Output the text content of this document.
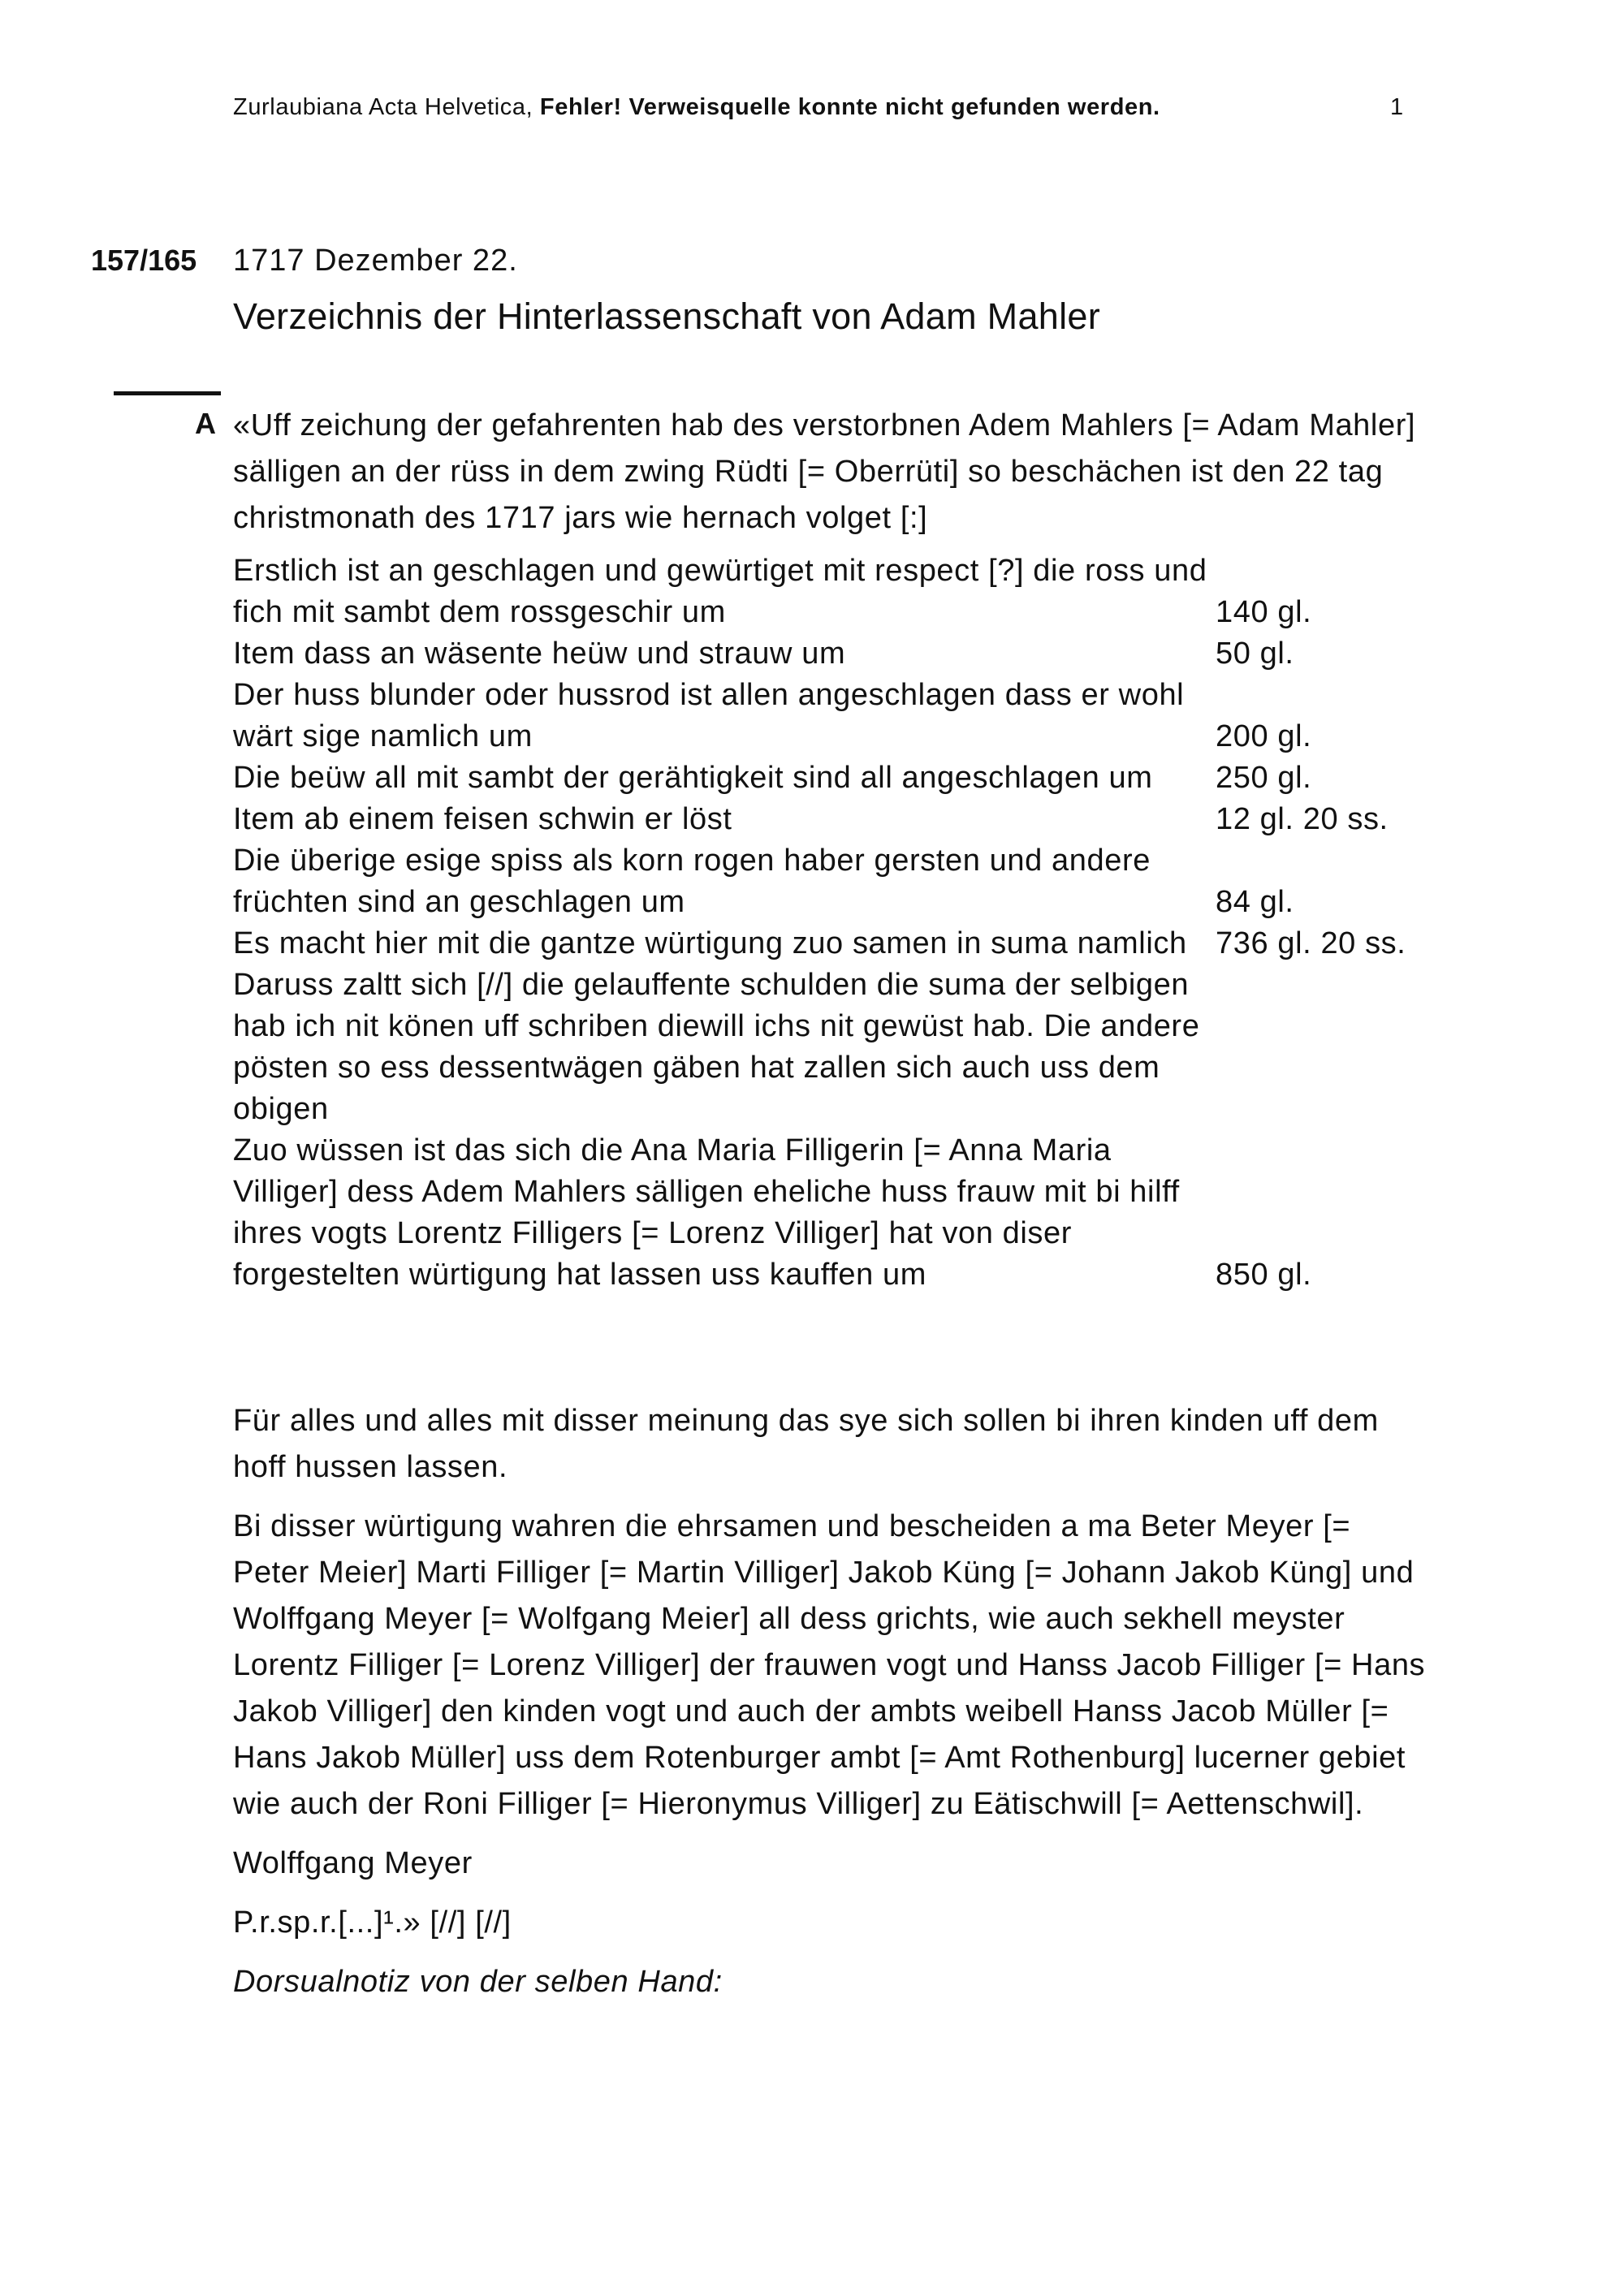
Zurlaubiana Acta Helvetica, Fehler! Verweisquelle konnte nicht gefunden werden.	1
157/165 1717 Dezember 22.
Verzeichnis der Hinterlassenschaft von Adam Mahler
A «Uff zeichung der gefahrenten hab des verstorbnen Adem Mahlers [= Adam Mahler] sälligen an der rüss in dem zwing Rüdti [= Oberrüti] so beschächen ist den 22 tag christmonath des 1717 jars wie hernach volget [:]
Erstlich ist an geschlagen und gewürtiget mit respect [?] die ross und fich mit sambt dem rossgeschir um	140 gl.
Item dass an wäsente heüw und strauw um	50 gl.
Der huss blunder oder hussrod ist allen angeschlagen dass er wohl wärt sige namlich um	200 gl.
Die beüw all mit sambt der gerähtigkeit sind all angeschlagen um	250 gl.
Item ab einem feisen schwin er löst	12 gl. 20 ss.
Die überige esige spiss als korn rogen haber gersten und andere früchten sind an geschlagen um	84 gl.
Es macht hier mit die gantze würtigung zuo samen in suma namlich 736 gl. 20 ss.
Daruss zaltt sich [//] die gelauffente schulden die suma der selbigen hab ich nit könen uff schriben diewill ichs nit gewüst hab. Die andere pösten so ess dessentwägen gäben hat zallen sich auch uss dem obigen
Zuo wüssen ist das sich die Ana Maria Filligerin [= Anna Maria Villiger] dess Adem Mahlers sälligen eheliche huss frauw mit bi hilff ihres vogts Lorentz Filligers [= Lorenz Villiger] hat von diser forgestelten würtigung hat lassen uss kauffen um	850 gl.

Für alles und alles mit disser meinung das sye sich sollen bi ihren kinden uff dem hoff hussen lassen.

Bi disser würtigung wahren die ehrsamen und bescheiden a ma Beter Meyer [= Peter Meier] Marti Filliger [= Martin Villiger] Jakob Küng [= Johann Jakob Küng] und Wolffgang Meyer [= Wolfgang Meier] all dess grichts, wie auch sekhell meyster Lorentz Filliger [= Lorenz Villiger] der frauwen vogt und Hanss Jacob Filliger [= Hans Jakob Villiger] den kinden vogt und auch der ambts weibell Hanss Jacob Müller [= Hans Jakob Müller] uss dem Rotenburger ambt [= Amt Rothenburg] lucerner gebiet wie auch der Roni Filliger [= Hieronymus Villiger] zu Eätischwill [= Aettenschwil].

Wolffgang Meyer

P.r.sp.r.[...]¹.» [//] [//]

Dorsualnotiz von der selben Hand:
